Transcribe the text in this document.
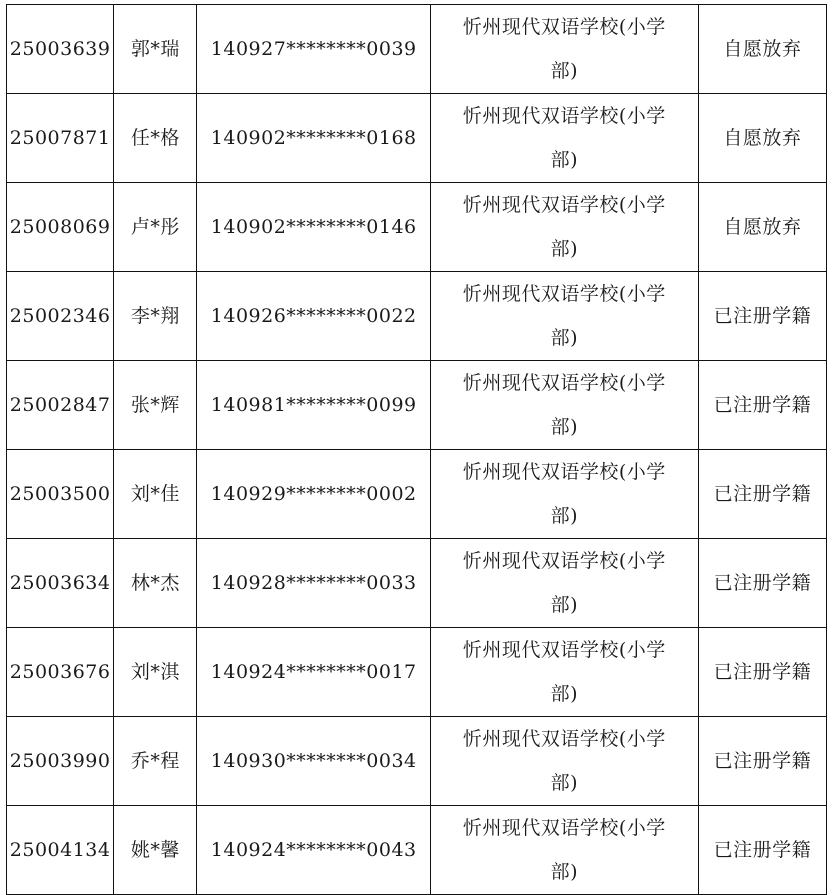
25003639	郭*瑞	140927********0039	忻州现代双语学校(小学部)	自愿放弃
25007871	任*格	140902********0168	忻州现代双语学校(小学部)	自愿放弃
25008069	卢*彤	140902********0146	忻州现代双语学校(小学部)	自愿放弃
25002346	李*翔	140926********0022	忻州现代双语学校(小学部)	已注册学籍
25002847	张*辉	140981********0099	忻州现代双语学校(小学部)	已注册学籍
25003500	刘*佳	140929********0002	忻州现代双语学校(小学部)	已注册学籍
25003634	林*杰	140928********0033	忻州现代双语学校(小学部)	已注册学籍
25003676	刘*淇	140924********0017	忻州现代双语学校(小学部)	已注册学籍
25003990	乔*程	140930********0034	忻州现代双语学校(小学部)	已注册学籍
25004134	姚*馨	140924********0043	忻州现代双语学校(小学部)	已注册学籍
